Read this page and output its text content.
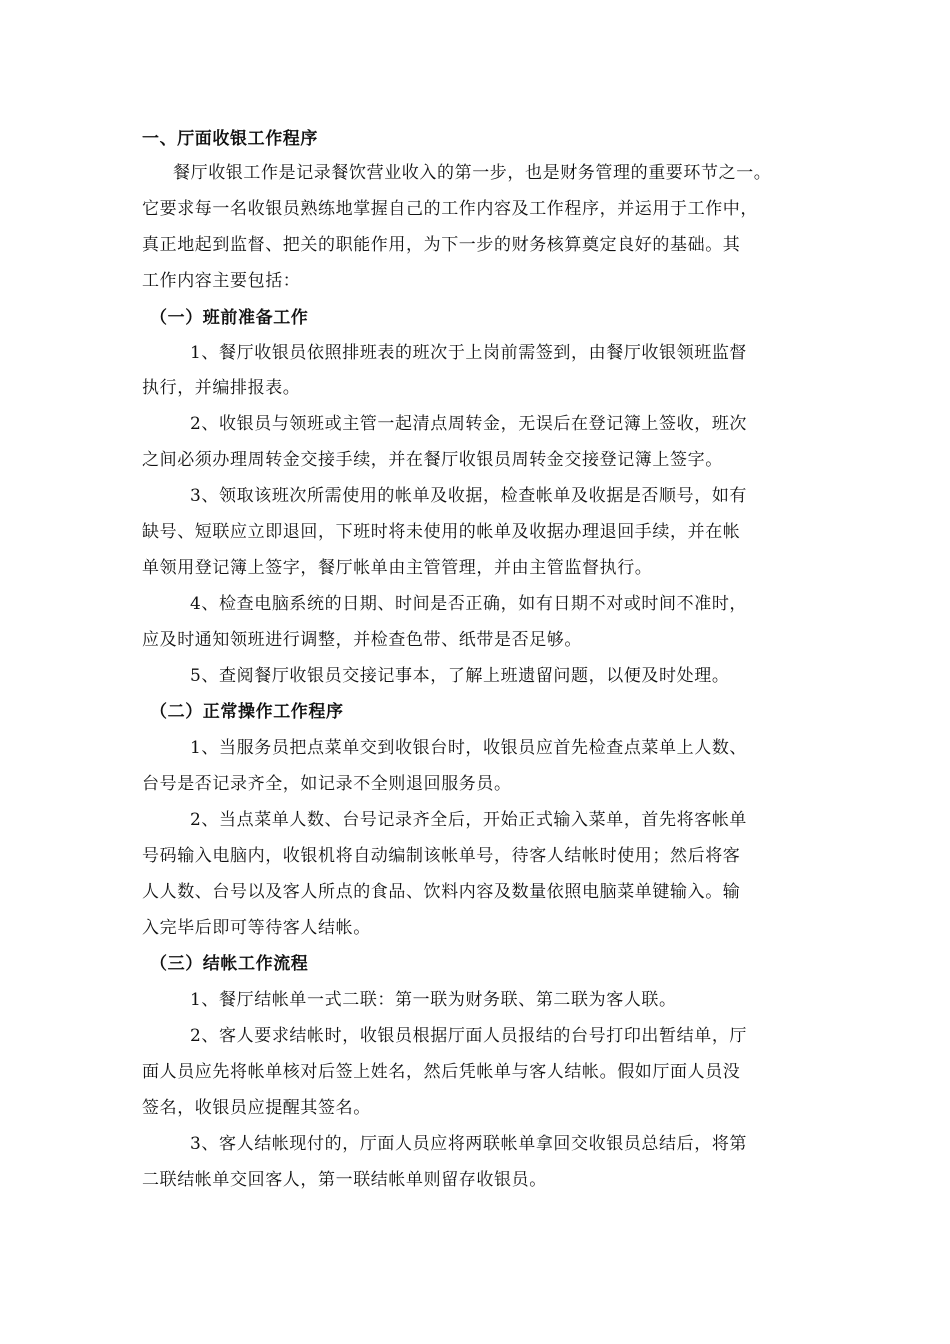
一、厅面收银工作程序
餐厅收银工作是记录餐饮营业收入的第一步，也是财务管理的重要环节之一。
它要求每一名收银员熟练地掌握自己的工作内容及工作程序，并运用于工作中，
真正地起到监督、把关的职能作用，为下一步的财务核算奠定良好的基础。其
工作内容主要包括：
（一）班前准备工作
1、餐厅收银员依照排班表的班次于上岗前需签到，由餐厅收银领班监督
执行，并编排报表。
2、收银员与领班或主管一起清点周转金，无误后在登记簿上签收，班次
之间必须办理周转金交接手续，并在餐厅收银员周转金交接登记簿上签字。
3、领取该班次所需使用的帐单及收据，检查帐单及收据是否顺号，如有
缺号、短联应立即退回，下班时将未使用的帐单及收据办理退回手续，并在帐
单领用登记簿上签字，餐厅帐单由主管管理，并由主管监督执行。
4、检查电脑系统的日期、时间是否正确，如有日期不对或时间不准时，
应及时通知领班进行调整，并检查色带、纸带是否足够。
5、查阅餐厅收银员交接记事本，了解上班遗留问题，以便及时处理。
（二）正常操作工作程序
1、当服务员把点菜单交到收银台时，收银员应首先检查点菜单上人数、
台号是否记录齐全，如记录不全则退回服务员。
2、当点菜单人数、台号记录齐全后，开始正式输入菜单，首先将客帐单
号码输入电脑内，收银机将自动编制该帐单号，待客人结帐时使用；然后将客
人人数、台号以及客人所点的食品、饮料内容及数量依照电脑菜单键输入。输
入完毕后即可等待客人结帐。
（三）结帐工作流程
1、餐厅结帐单一式二联：第一联为财务联、第二联为客人联。
2、客人要求结帐时，收银员根据厅面人员报结的台号打印出暂结单，厅
面人员应先将帐单核对后签上姓名，然后凭帐单与客人结帐。假如厅面人员没
签名，收银员应提醒其签名。
3、客人结帐现付的，厅面人员应将两联帐单拿回交收银员总结后，将第
二联结帐单交回客人，第一联结帐单则留存收银员。
